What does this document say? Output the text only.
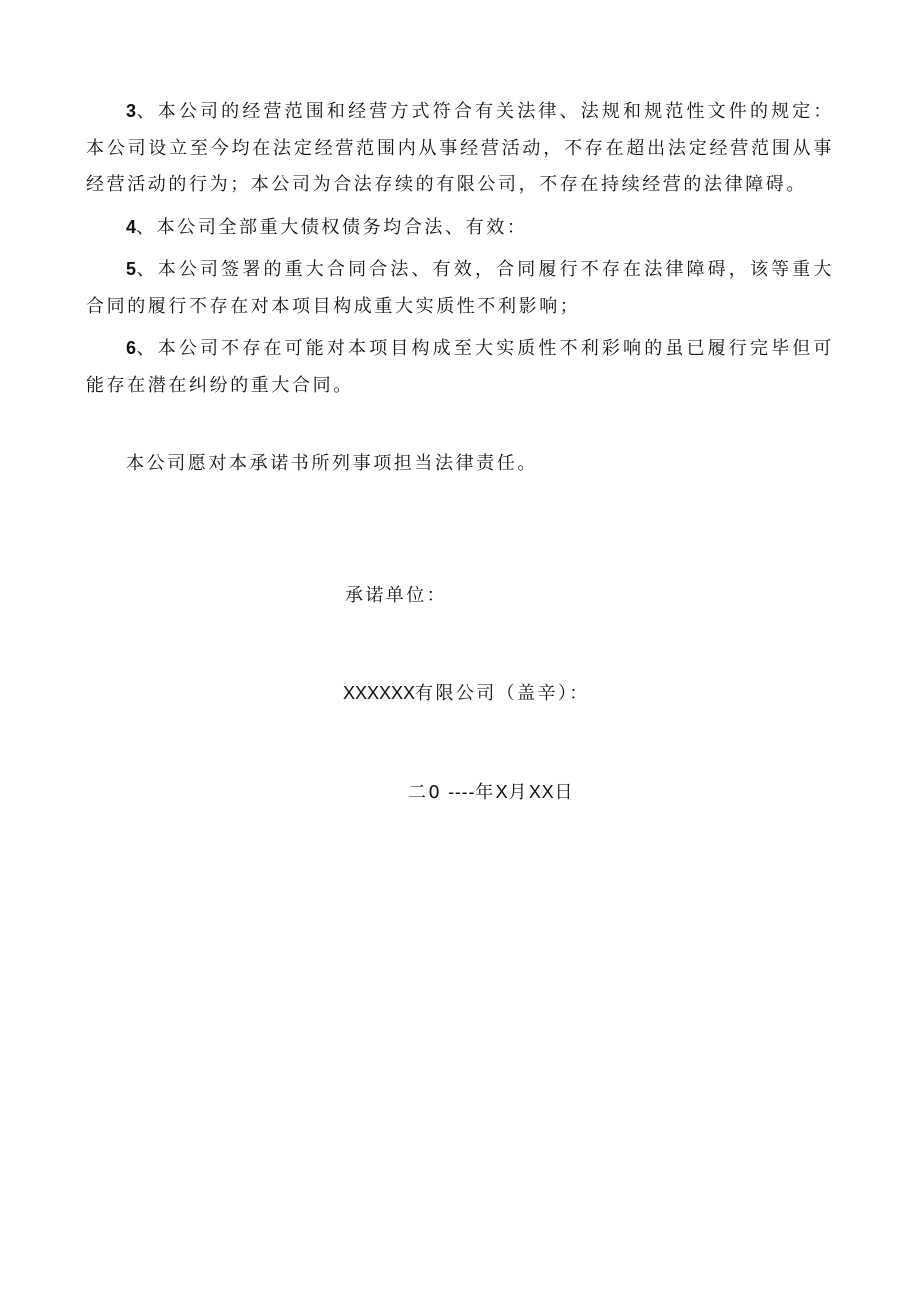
3、本公司的经营范围和经营方式符合有关法律、法规和规范性文件的规定：本公司设立至今均在法定经营范围内从事经营活动，不存在超出法定经营范围从事经营活动的行为；本公司为合法存续的有限公司，不存在持续经营的法律障碍。

4、本公司全部重大债权债务均合法、有效：

5、本公司签署的重大合同合法、有效，合同履行不存在法律障碍，该等重大合同的履行不存在对本项目构成重大实质性不利影响；

6、本公司不存在可能对本项目构成至大实质性不利彩响的虽已履行完毕但可能存在潜在纠纷的重大合同。

本公司愿对本承诺书所列事项担当法律责任。

承诺单位：

XXXXXX有限公司（盖辛）：

二0 ----年X月XX日
